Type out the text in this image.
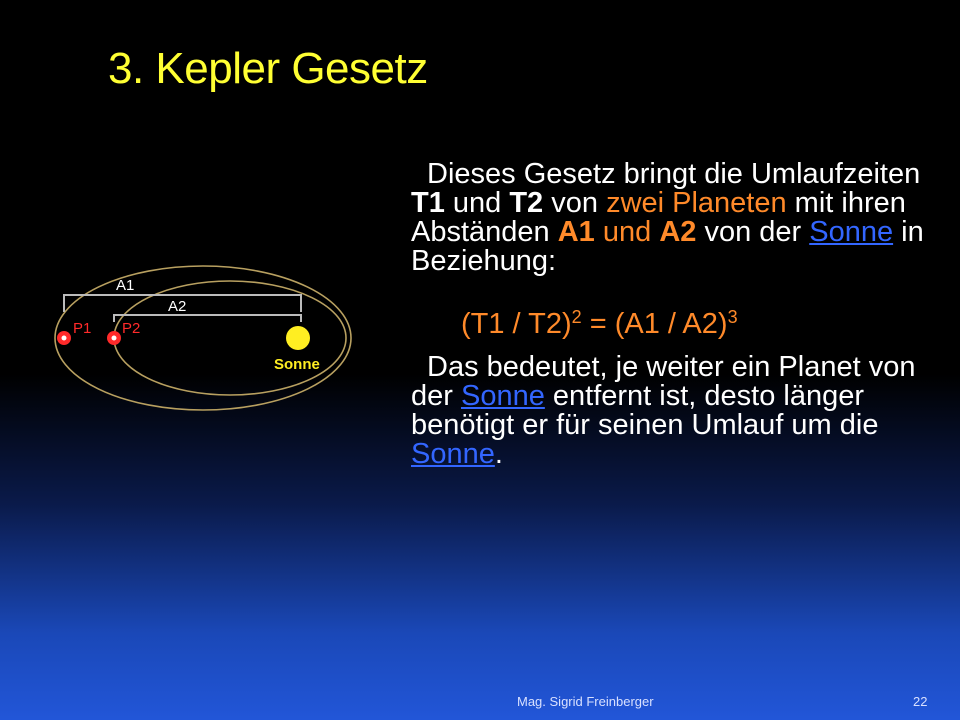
3. Kepler Gesetz

Dieses Gesetz bringt die Umlaufzeiten T1 und T2 von zwei Planeten mit ihren Abständen A1 und A2 von der Sonne in Beziehung:

(T1 / T2)$^2$ = (A1 / A2)$^3$

Das bedeutet, je weiter ein Planet von der Sonne entfernt ist, desto länger benötigt er für seinen Umlauf um die Sonne.

A1
A2
P1 P2
Sonne
Mag. Sigrid Freinberger	22
